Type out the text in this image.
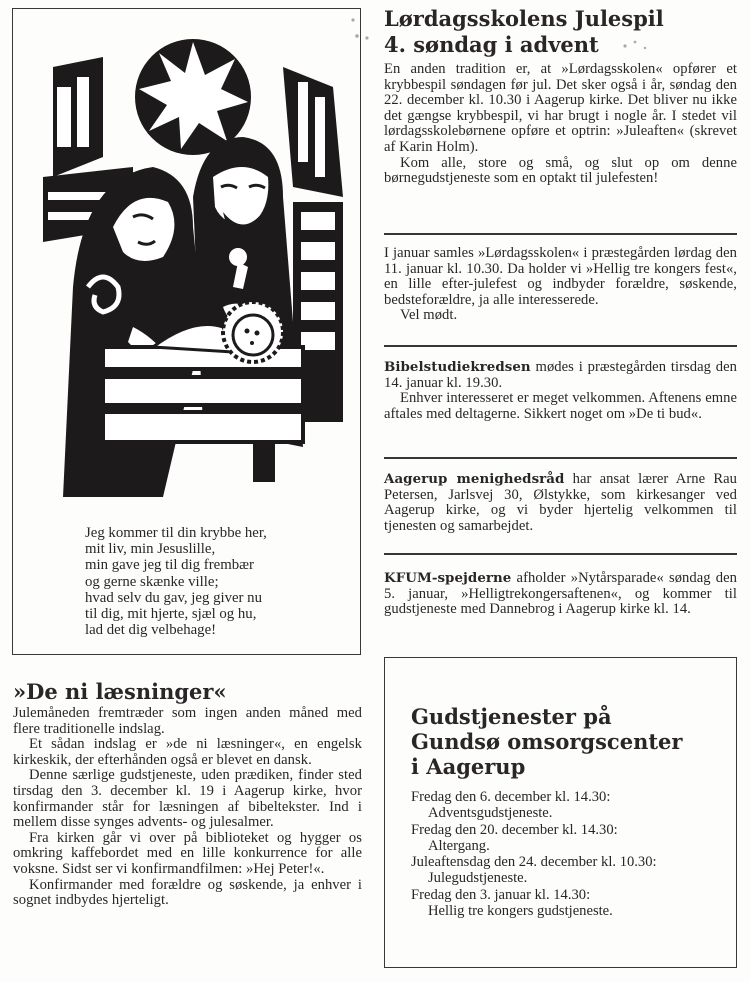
Jeg kommer til din krybbe her,
mit liv, min Jesuslille,
min gave jeg til dig frembær
og gerne skænke ville;
hvad selv du gav, jeg giver nu
til dig, mit hjerte, sjæl og hu,
lad det dig velbehage!
Lørdagsskolens Julespil
4. søndag i advent

En anden tradition er, at »Lørdagsskolen« opfører et krybbespil søndagen før jul. Det sker også i år, søndag den 22. december kl. 10.30 i Aagerup kirke. Det bliver nu ikke det gængse krybbespil, vi har brugt i nogle år. I stedet vil lørdagsskolebørnene opføre et optrin: »Juleaften« (skrevet af Karin Holm).

Kom alle, store og små, og slut op om denne børnegudstjeneste som en optakt til julefesten!

I januar samles »Lørdagsskolen« i præstegården lørdag den 11. januar kl. 10.30. Da holder vi »Hellig tre kongers fest«, en lille efter-julefest og indbyder forældre, søskende, bedsteforældre, ja alle interesserede.

Vel mødt.

Bibelstudiekredsen mødes i præstegården tirsdag den 14. januar kl. 19.30.

Enhver interesseret er meget velkommen. Aftenens emne aftales med deltagerne. Sikkert noget om »De ti bud«.

Aagerup menighedsråd har ansat lærer Arne Rau Petersen, Jarlsvej 30, Ølstykke, som kirkesanger ved Aagerup kirke, og vi byder hjertelig velkommen til tjenesten og samarbejdet.

KFUM-spejderne afholder »Nytårsparade« søndag den 5. januar, »Helligtrekongersaftenen«, og kommer til gudstjeneste med Dannebrog i Aagerup kirke kl. 14.

»De ni læsninger«

Julemåneden fremtræder som ingen anden måned med flere traditionelle indslag.

Et sådan indslag er »de ni læsninger«, en engelsk kirkeskik, der efterhånden også er blevet en dansk.

Denne særlige gudstjeneste, uden prædiken, finder sted tirsdag den 3. december kl. 19 i Aagerup kirke, hvor konfirmander står for læsningen af bibeltekster. Ind i mellem disse synges advents- og julesalmer.

Fra kirken går vi over på biblioteket og hygger os omkring kaffebordet med en lille konkurrence for alle voksne. Sidst ser vi konfirmandfilmen: »Hej Peter!«.

Konfirmander med forældre og søskende, ja enhver i sognet indbydes hjerteligt.

Gudstjenester på
Gundsø omsorgscenter
i Aagerup
Fredag den 6. december kl. 14.30:
Adventsgudstjeneste.
Fredag den 20. december kl. 14.30:
Altergang.
Juleaftensdag den 24. december kl. 10.30:
Julegudstjeneste.
Fredag den 3. januar kl. 14.30:
Hellig tre kongers gudstjeneste.
